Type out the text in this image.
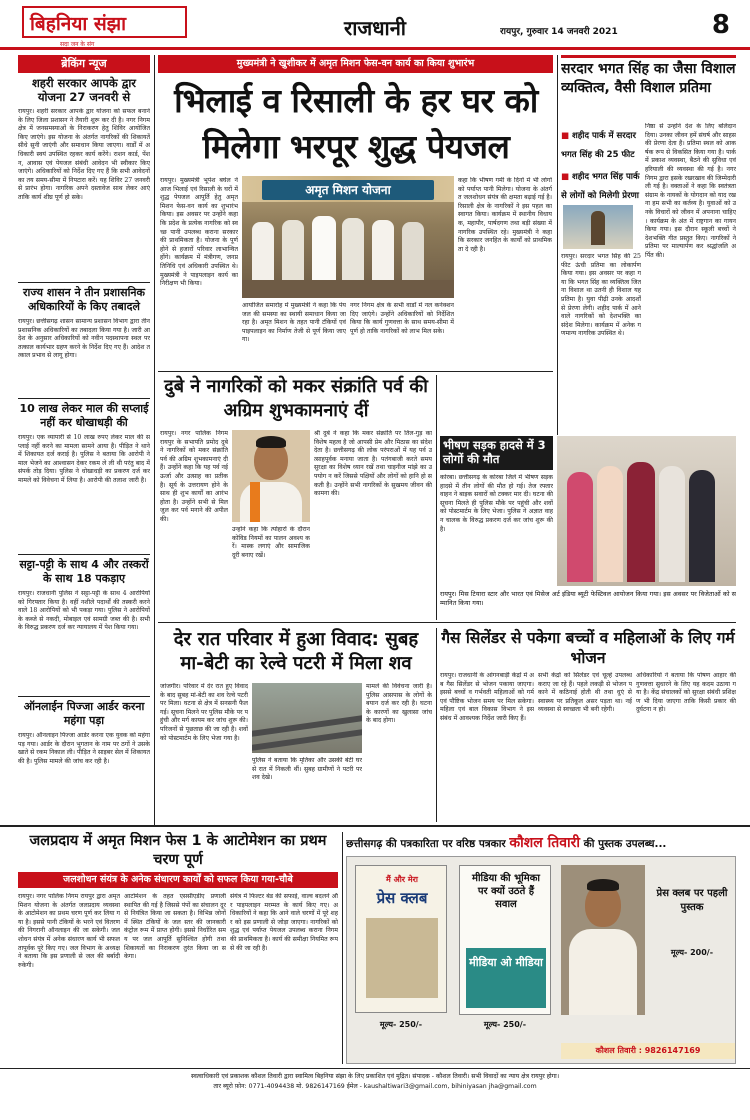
बिहनिया संझा
सदा जन के संग
राजधानी	रायपुर, गुरुवार 14 जनवरी 2021	8
ब्रेकिंग न्यूज
शहरी सरकार आपके द्वार योजना 27 जनवरी से
रायपुर। शहरी सरकार आपके द्वार योजना को सफल बनाने के लिए जिला प्रशासन ने तैयारी शुरू कर दी है। नगर निगम क्षेत्र में जनसमस्याओं के निराकरण हेतु शिविर आयोजित किए जाएंगे। इस योजना के अंतर्गत नागरिकों की शिकायतें सीधे सुनी जाएंगी और समाधान किया जाएगा। वार्डों में अधिकारी स्वयं उपस्थित रहकर कार्य करेंगे। राशन कार्ड, पेंशन, आवास एवं पेयजल संबंधी आवेदन भी स्वीकार किए जाएंगे। अधिकारियों को निर्देश दिए गए हैं कि सभी आवेदनों का तय समय-सीमा में निपटारा करें। यह शिविर 27 जनवरी से प्रारंभ होगा। नागरिक अपने दस्तावेज साथ लेकर आएं ताकि कार्य शीघ्र पूर्ण हो सके।
राज्य शासन ने तीन प्रशासनिक अधिकारियों के किए तबादले
रायपुर। छत्तीसगढ़ शासन सामान्य प्रशासन विभाग द्वारा तीन प्रशासनिक अधिकारियों का तबादला किया गया है। जारी आदेश के अनुसार अधिकारियों को नवीन पदस्थापना स्थल पर तत्काल कार्यभार ग्रहण करने के निर्देश दिए गए हैं। आदेश तत्काल प्रभाव से लागू होगा।
10 लाख लेकर माल की सप्लाई नहीं कर धोखाधड़ी की
रायपुर। एक व्यापारी से 10 लाख रुपए लेकर माल की सप्लाई नहीं करने का मामला सामने आया है। पीड़ित ने थाने में शिकायत दर्ज कराई है। पुलिस ने बताया कि आरोपी ने माल भेजने का आश्वासन देकर रकम ले ली थी परंतु बाद में संपर्क तोड़ दिया। पुलिस ने धोखाधड़ी का प्रकरण दर्ज कर मामले को विवेचना में लिया है। आरोपी की तलाश जारी है।
सट्टा-पट्टी के साथ 4 और तस्करों के साथ 18 पकड़ाए
रायपुर। राजधानी पुलिस ने सट्टा-पट्टी के साथ 4 आरोपियों को गिरफ्तार किया है। वहीं नशीले पदार्थों की तस्करी करने वाले 18 आरोपियों को भी पकड़ा गया। पुलिस ने आरोपियों के कब्जे से नकदी, मोबाइल एवं सामग्री जब्त की है। सभी के विरुद्ध प्रकरण दर्ज कर न्यायालय में पेश किया गया।
ऑनलाईन पिज्जा आर्डर करना महंगा पड़ा
रायपुर। ऑनलाइन पिज्जा आर्डर करना एक युवक को महंगा पड़ गया। आर्डर के दौरान भुगतान के नाम पर ठगों ने उसके खाते से रकम निकाल ली। पीड़ित ने साइबर सेल में शिकायत की है। पुलिस मामले की जांच कर रही है।
मुख्यमंत्री ने खुशीकर में अमृत मिशन फेस-वन कार्य का किया शुभारंभ
भिलाई व रिसाली के हर घर को मिलेगा भरपूर शुद्ध पेयजल
रायपुर। मुख्यमंत्री भूपेश बघेल ने आज भिलाई एवं रिसाली के घरों में शुद्ध पेयजल आपूर्ति हेतु अमृत मिशन फेस-वन कार्य का शुभारंभ किया। इस अवसर पर उन्होंने कहा कि प्रदेश के प्रत्येक नागरिक को स्वच्छ पानी उपलब्ध कराना सरकार की प्राथमिकता है। योजना के पूर्ण होने से हजारों परिवार लाभान्वित होंगे। कार्यक्रम में मंत्रीगण, जनप्रतिनिधि एवं अधिकारी उपस्थित थे। मुख्यमंत्री ने पाइपलाइन कार्य का निरीक्षण भी किया।
अमृत मिशन योजना
आयोजित समारोह में मुख्यमंत्री ने कहा कि पेयजल की समस्या का स्थायी समाधान किया जा रहा है। अमृत मिशन के तहत पानी टंकियों एवं पाइपलाइन का निर्माण तेजी से पूर्ण किया जाएगा।
नगर निगम क्षेत्र के सभी वार्डों में नल कनेक्शन दिए जाएंगे। उन्होंने अधिकारियों को निर्देशित किया कि कार्य गुणवत्ता के साथ समय-सीमा में पूर्ण हो ताकि नागरिकों को लाभ मिल सके।
कहा कि भीषण गर्मी के दिनों में भी लोगों को पर्याप्त पानी मिलेगा। योजना के अंतर्गत जलशोधन संयंत्र की क्षमता बढ़ाई गई है। रिसाली क्षेत्र के नागरिकों ने इस पहल का स्वागत किया। कार्यक्रम में स्थानीय विधायक, महापौर, पार्षदगण तथा बड़ी संख्या में नागरिक उपस्थित रहे। मुख्यमंत्री ने कहा कि सरकार जनहित के कार्यों को प्राथमिकता दे रही है।
सरदार भगत सिंह का जैसा विशाल व्यक्तित्व, वैसी विशाल प्रतिमा
■ शहीद पार्क में सरदार भगत सिंह की 25 फीट
■ शहीद भगत सिंह पार्क से लोगों को मिलेगी प्रेरणा
रायपुर। सरदार भगत सिंह की 25 फीट ऊंची प्रतिमा का लोकार्पण किया गया। इस अवसर पर कहा गया कि भगत सिंह का व्यक्तित्व जितना विशाल था उतनी ही विशाल यह प्रतिमा है। युवा पीढ़ी उनके आदर्शों से प्रेरणा लेगी। शहीद पार्क में आने वाले नागरिकों को देशभक्ति का संदेश मिलेगा। कार्यक्रम में अनेक गणमान्य नागरिक उपस्थित थे।
निष्ठा से उन्होंने देश के लिए बलिदान दिया। उनका जीवन हमें संघर्ष और साहस की प्रेरणा देता है। प्रतिमा स्थल को आकर्षक रूप से विकसित किया गया है। पार्क में प्रकाश व्यवस्था, बैठने की सुविधा एवं हरियाली की व्यवस्था की गई है। नगर निगम द्वारा इसके रखरखाव की जिम्मेदारी ली गई है। वक्ताओं ने कहा कि स्वतंत्रता संग्राम के नायकों के योगदान को याद रखना हम सभी का कर्तव्य है। युवाओं को उनके विचारों को जीवन में अपनाना चाहिए। कार्यक्रम के अंत में राष्ट्रगान का गायन किया गया। इस दौरान स्कूली बच्चों ने देशभक्ति गीत प्रस्तुत किए। नागरिकों ने प्रतिमा पर माल्यार्पण कर श्रद्धांजलि अर्पित की।
दुबे ने नागरिकों को मकर संक्रांति पर्व की अग्रिम शुभकामनाएं दीं
रायपुर। नगर पालिक निगम रायपुर के सभापति प्रमोद दुबे ने नागरिकों को मकर संक्रांति पर्व की अग्रिम शुभकामनाएं दी हैं। उन्होंने कहा कि यह पर्व नई ऊर्जा और उत्साह का प्रतीक है। सूर्य के उत्तरायण होने के साथ ही शुभ कार्यों का आरंभ होता है। उन्होंने सभी से मिलजुल कर पर्व मनाने की अपील की।
उन्होंने कहा कि त्योहारों के दौरान कोविड नियमों का पालन अवश्य करें। मास्क लगाएं और सामाजिक दूरी बनाए रखें।
श्री दुबे ने कहा कि मकर संक्रांति पर तिल-गुड़ का विशेष महत्व है जो आपसी प्रेम और मिठास का संदेश देता है। छत्तीसगढ़ की लोक परंपराओं में यह पर्व उत्साहपूर्वक मनाया जाता है। पतंगबाजी करते समय सुरक्षा का विशेष ध्यान रखें तथा चाइनीज मांझे का उपयोग न करें जिससे पक्षियों और लोगों को हानि हो सकती है। उन्होंने सभी नागरिकों के सुखमय जीवन की कामना की।
भीषण सड़क हादसे में 3 लोगों की मौत
कोरबा। छत्तीसगढ़ के कोरबा जिले में भीषण सड़क हादसे में तीन लोगों की मौत हो गई। तेज रफ्तार वाहन ने बाइक सवारों को टक्कर मार दी। घटना की सूचना मिलते ही पुलिस मौके पर पहुंची और शवों को पोस्टमार्टम के लिए भेजा। पुलिस ने अज्ञात वाहन चालक के विरुद्ध प्रकरण दर्ज कर जांच शुरू की है।
रायपुर। मिस टियारा स्टार और भारत एवं मिसेज अर्ट इंडिया ब्यूटी फेस्टिवल आयोजन किया गया। इस अवसर पर विजेताओं को सम्मानित किया गया।
देर रात परिवार में हुआ विवाद: सुबह मा-बेटी का रेल्वे पटरी में मिला शव
जांजगीर। परिवार में देर रात हुए विवाद के बाद सुबह मां-बेटी का शव रेल्वे पटरी पर मिला। घटना से क्षेत्र में सनसनी फैल गई। सूचना मिलने पर पुलिस मौके पर पहुंची और मर्ग कायम कर जांच शुरू की। परिजनों से पूछताछ की जा रही है। शवों को पोस्टमार्टम के लिए भेजा गया है।
पुलिस ने बताया कि मृतिका और उसकी बेटी घर से रात में निकली थीं। सुबह ग्रामीणों ने पटरी पर शव देखे।
मामले की विवेचना जारी है। पुलिस आसपास के लोगों के बयान दर्ज कर रही है। घटना के कारणों का खुलासा जांच के बाद होगा।
गैस सिलेंडर से पकेगा बच्चों व महिलाओं के लिए गर्म भोजन
रायपुर। राजधानी के आंगनबाड़ी केंद्रों में अब गैस सिलेंडर से भोजन पकाया जाएगा। इससे बच्चों व गर्भवती महिलाओं को गर्म एवं पौष्टिक भोजन समय पर मिल सकेगा। महिला एवं बाल विकास विभाग ने इस संबंध में आवश्यक निर्देश जारी किए हैं।
सभी केंद्रों को सिलेंडर एवं चूल्हे उपलब्ध कराए जा रहे हैं। पहले लकड़ी से भोजन पकाने में कठिनाई होती थी तथा धुएं से स्वास्थ्य पर प्रतिकूल असर पड़ता था। नई व्यवस्था से स्वच्छता भी बनी रहेगी।
अधिकारियों ने बताया कि पोषण आहार की गुणवत्ता सुधारने के लिए यह कदम उठाया गया है। केंद्र संचालकों को सुरक्षा संबंधी प्रशिक्षण भी दिया जाएगा ताकि किसी प्रकार की दुर्घटना न हो।
जलप्रदाय में अमृत मिशन फेस 1 के आटोमेशन का प्रथम चरण पूर्ण
जलशोधन संयंत्र के अनेक संधारण कार्यों को सफल किया गया-चौबे
रायपुर। नगर पालिक निगम रायपुर द्वारा अमृत मिशन योजना के अंतर्गत जलप्रदाय व्यवस्था के आटोमेशन का प्रथम चरण पूर्ण कर लिया गया है। इससे पानी टंकियों के भरने एवं वितरण की निगरानी ऑनलाइन की जा सकेगी। जलशोधन संयंत्र में अनेक संधारण कार्य भी सफलतापूर्वक पूरे किए गए। जल विभाग के अध्यक्ष ने बताया कि इस प्रणाली से जल की बर्बादी रुकेगी।
आटोमेशन के तहत एससीएडीए प्रणाली स्थापित की गई है जिससे पंपों का संचालन दूर से नियंत्रित किया जा सकता है। विभिन्न जोनों में स्थित टंकियों के जल स्तर की जानकारी कंट्रोल रूम में प्राप्त होगी। इससे निर्धारित समय पर जल आपूर्ति सुनिश्चित होगी तथा शिकायतों का निराकरण तुरंत किया जा सकेगा।
संयंत्र में फिल्टर बेड की सफाई, वाल्व बदलने और पाइपलाइन मरम्मत के कार्य किए गए। अधिकारियों ने कहा कि आने वाले चरणों में पूरे शहर को इस प्रणाली से जोड़ा जाएगा। नागरिकों को शुद्ध एवं पर्याप्त पेयजल उपलब्ध कराना निगम की प्राथमिकता है। कार्य की समीक्षा नियमित रूप से की जा रही है।
छत्तीसगढ़ की पत्रकारिता पर वरिष्ठ पत्रकार कौशल तिवारी की पुस्तक उपलब्ध...
मैं और मेरा
प्रेस क्लब
मूल्य- 250/-
मीडिया की भूमिका पर क्यों उठते हैं सवाल
मीडिया ओ मीडिया
मूल्य- 250/-
प्रेस क्लब पर पहली पुस्तक
मूल्य- 200/-
कौशल तिवारी : 9826147169
स्वत्वाधिकारी एवं प्रकाशक कौशल तिवारी द्वारा स्वामित्व बिहनिया संझा के लिए प्रकाशित एवं मुद्रित। संपादक - कौशल तिवारी। सभी विवादों का न्याय क्षेत्र रायपुर होगा।
तार ब्यूरो फ़ोन: 0771-4094438 मो. 9826147169 ईमेल - kaushaltiwari3@gmail.com, bihiniyasan jha@gmail.com
